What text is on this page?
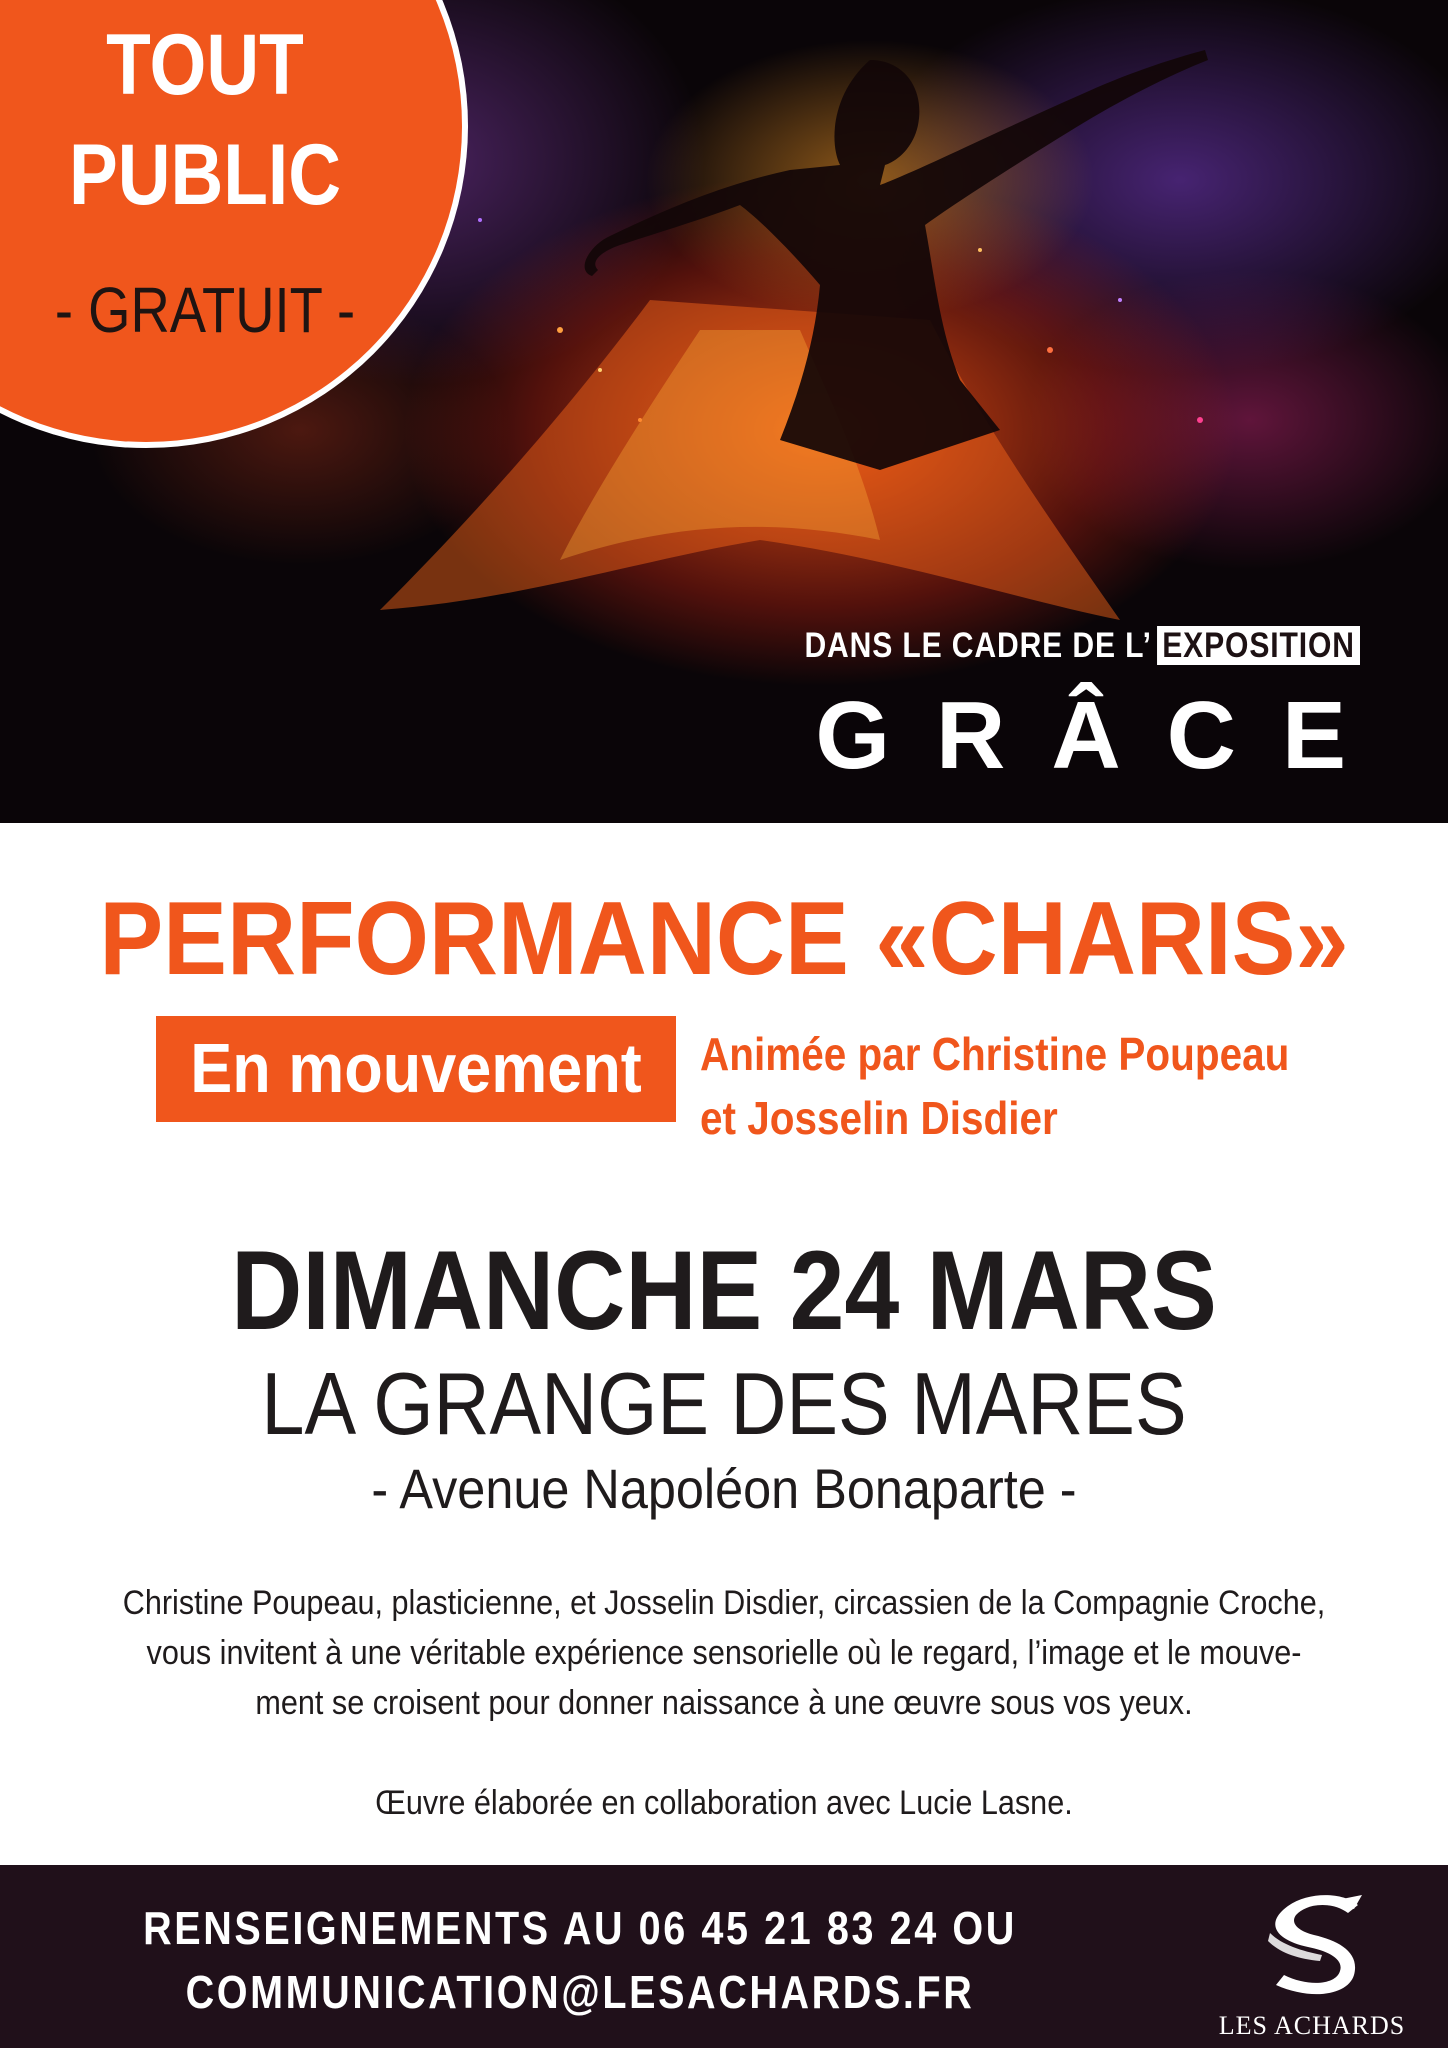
TOUT
PUBLIC
- GRATUIT -
DANS LE CADRE DE L’ EXPOSITION
GRÂCE
PERFORMANCE «CHARIS»
En mouvement Animée par Christine Poupeau
et Josselin Disdier
DIMANCHE 24 MARS
LA GRANGE DES MARES
- Avenue Napoléon Bonaparte -
Christine Poupeau, plasticienne, et Josselin Disdier, circassien de la Compagnie Croche,
vous invitent à une véritable expérience sensorielle où le regard, l’image et le mouve-
ment se croisent pour donner naissance à une œuvre sous vos yeux.
Œuvre élaborée en collaboration avec Lucie Lasne.
RENSEIGNEMENTS AU 06 45 21 83 24 OU
COMMUNICATION@LESACHARDS.FR
LES ACHARDS
